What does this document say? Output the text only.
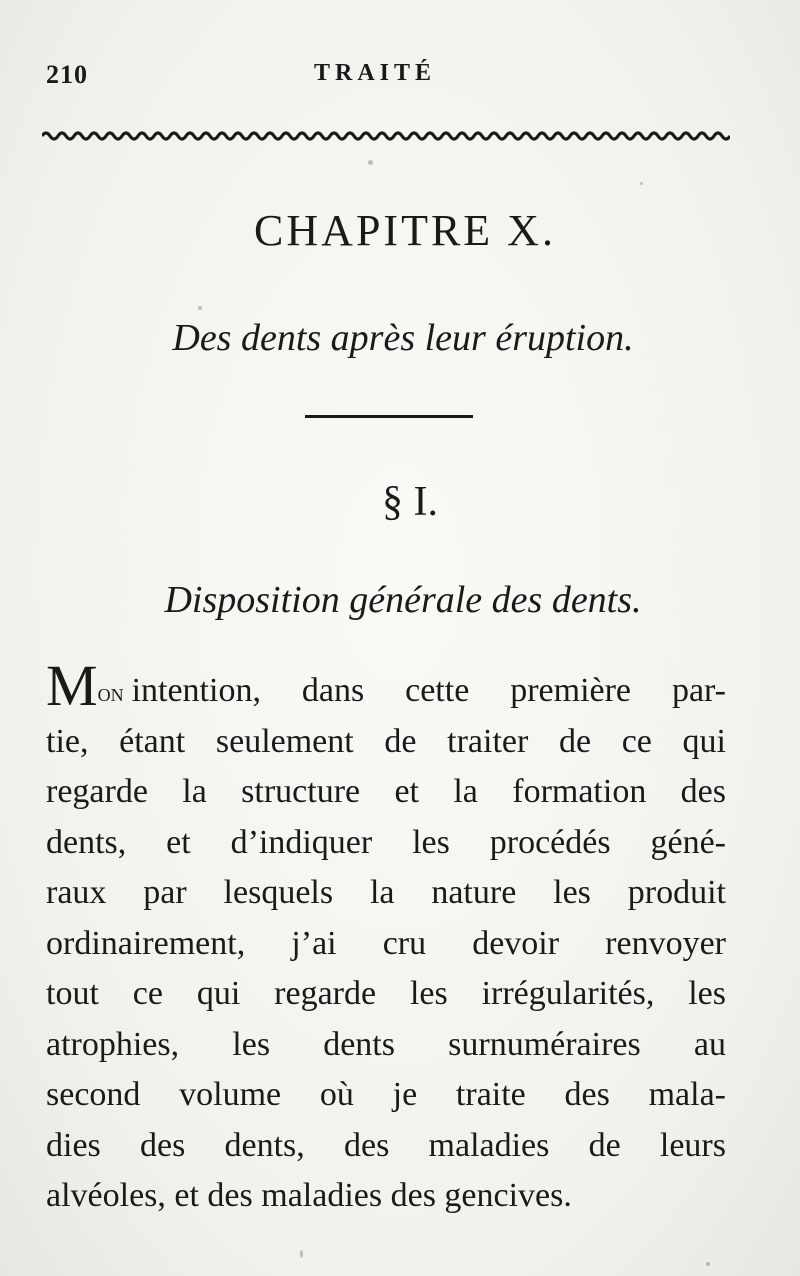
210	TRAITÉ
CHAPITRE X.
Des dents après leur éruption.
§ I.
Disposition générale des dents.
Mon intention, dans cette première par-
tie, étant seulement de traiter de ce qui
regarde la structure et la formation des
dents, et d’indiquer les procédés géné-
raux par lesquels la nature les produit
ordinairement, j’ai cru devoir renvoyer
tout ce qui regarde les irrégularités, les
atrophies, les dents surnuméraires au
second volume où je traite des mala-
dies des dents, des maladies de leurs
alvéoles, et des maladies des gencives.
